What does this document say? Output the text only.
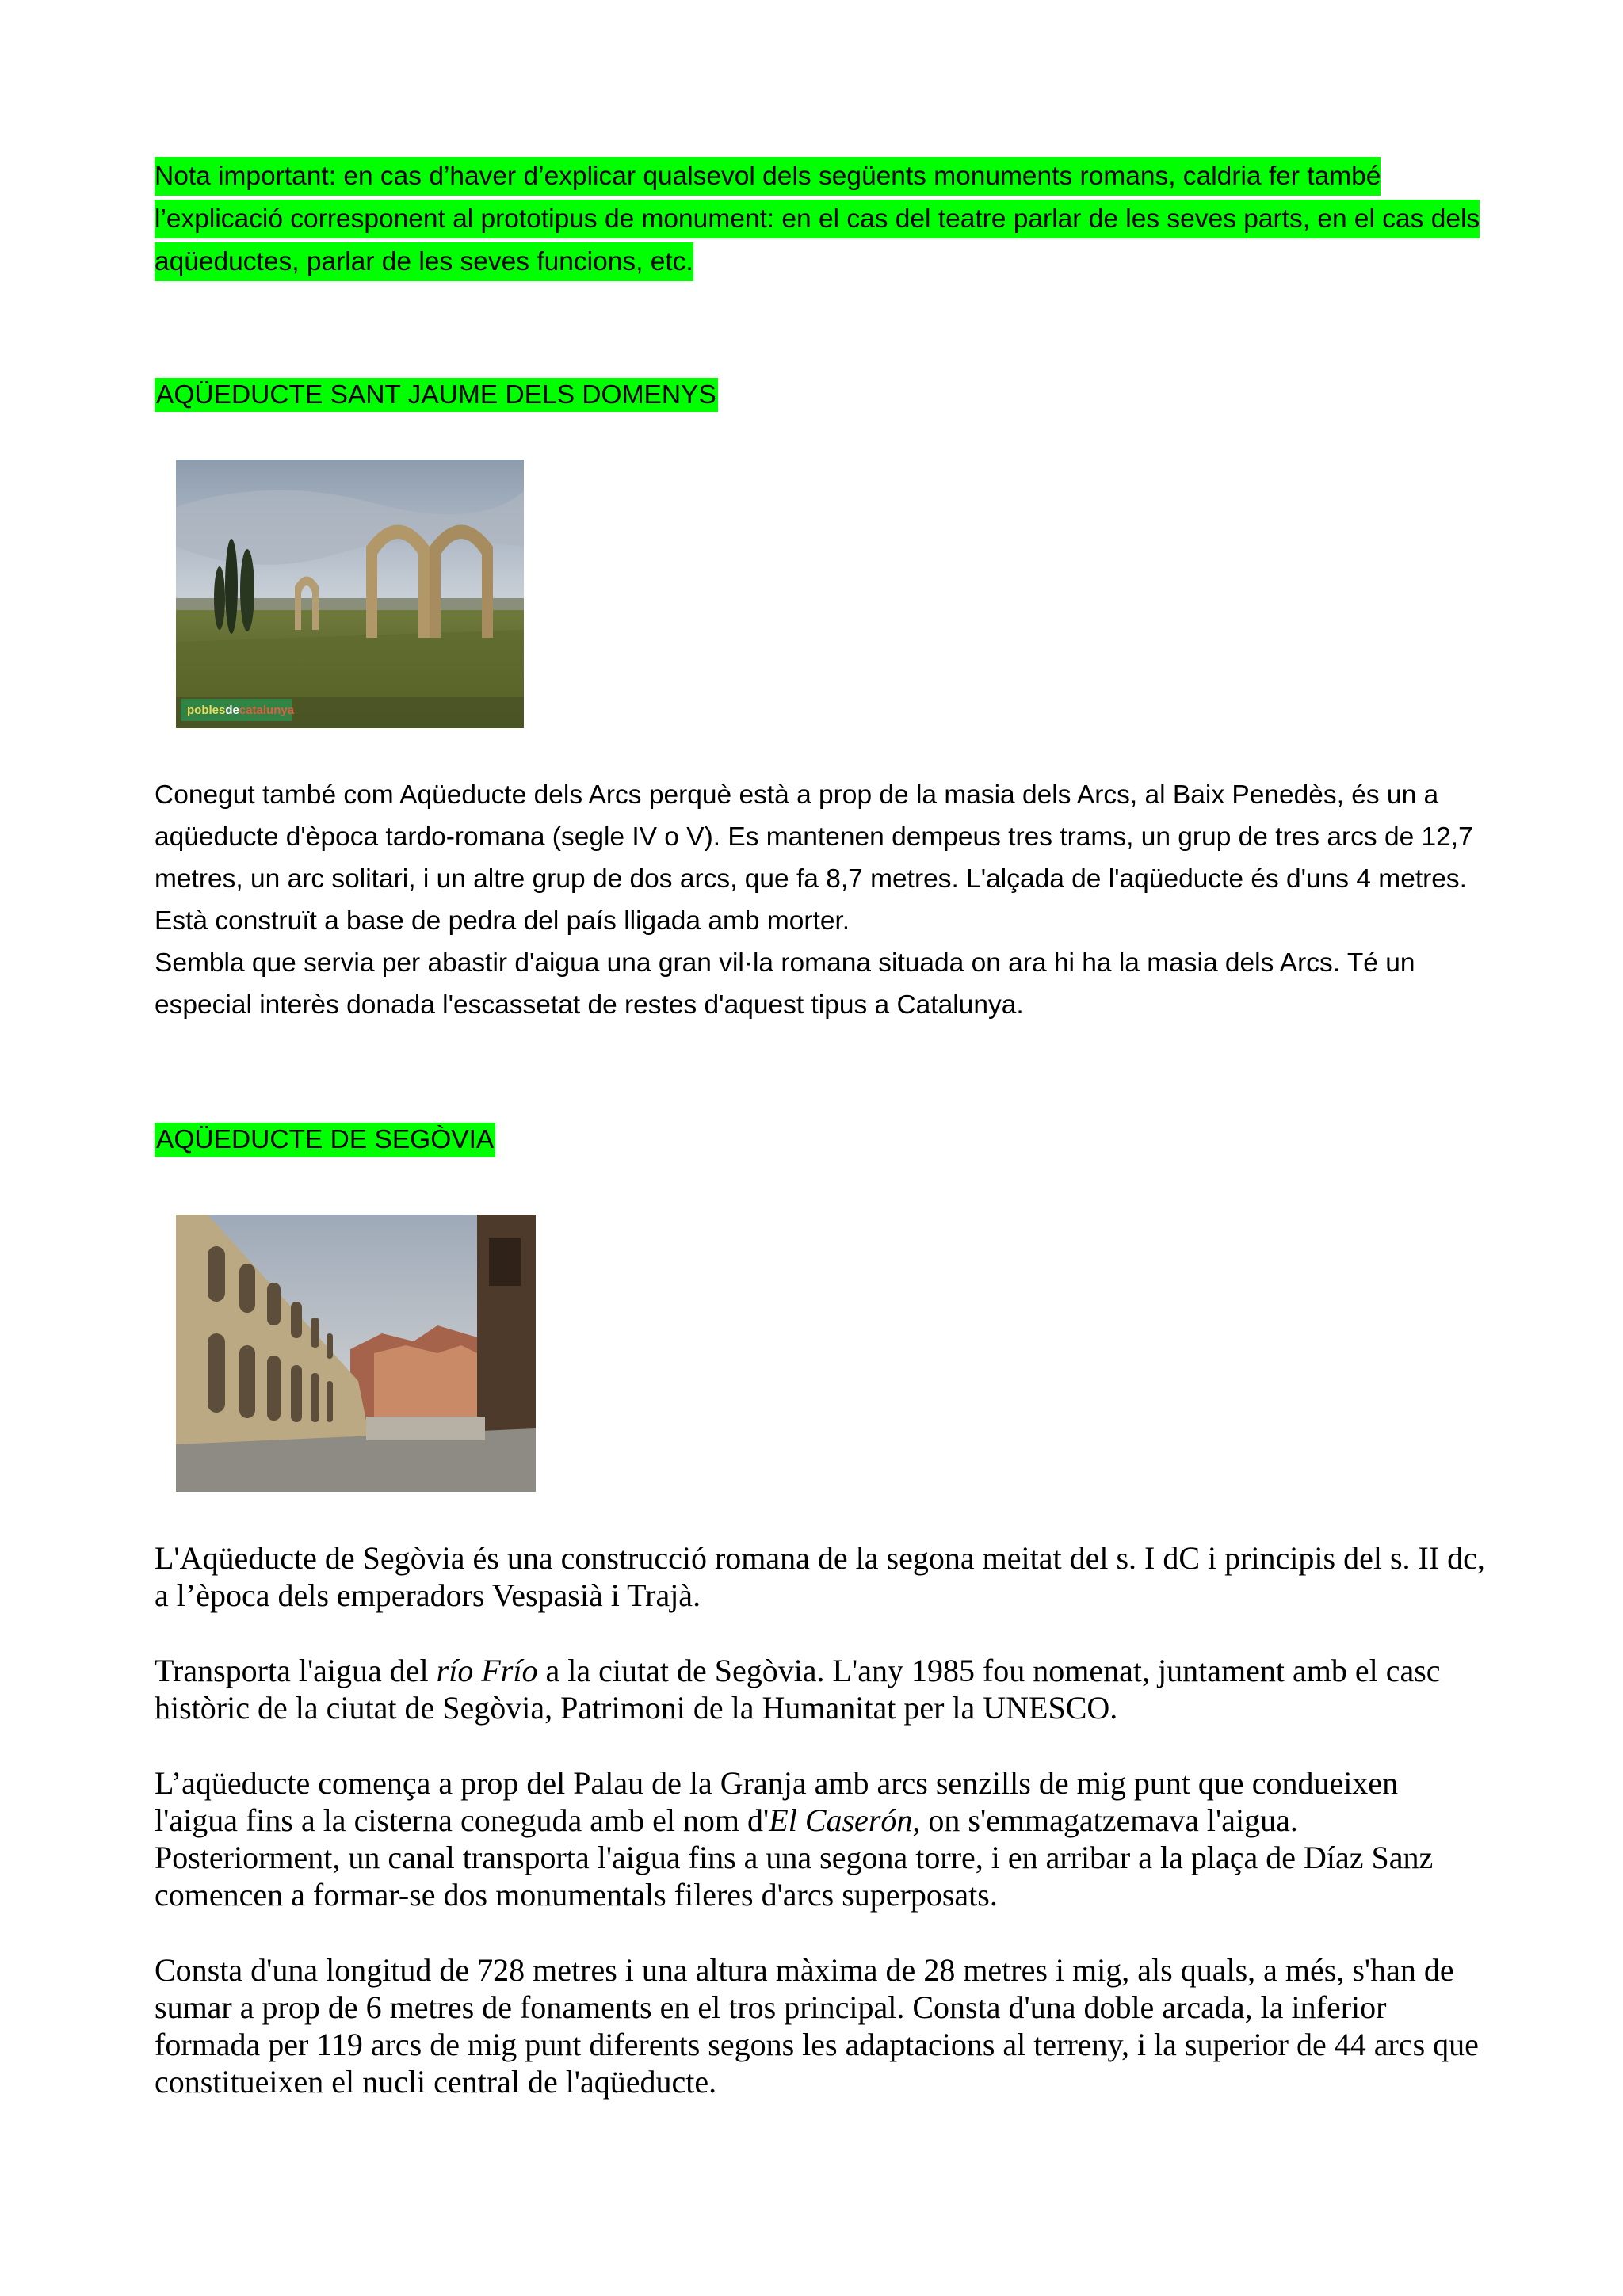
Nota important: en cas d’haver d’explicar qualsevol dels següents monuments romans, caldria fer també l’explicació corresponent al prototipus de monument: en el cas del teatre parlar de les seves parts, en el cas dels aqüeductes, parlar de les seves funcions, etc.
AQÜEDUCTE SANT JAUME DELS DOMENYS
poblesdecatalunya
Conegut també com Aqüeducte dels Arcs perquè està a prop de la masia dels Arcs, al Baix Penedès, és un a aqüeducte d'època tardo-romana (segle IV o V). Es mantenen dempeus tres trams, un grup de tres arcs de 12,7 metres, un arc solitari, i un altre grup de dos arcs, que fa 8,7 metres. L'alçada de l'aqüeducte és d'uns 4 metres. Està construït a base de pedra del país lligada amb morter.
Sembla que servia per abastir d'aigua una gran vil·la romana situada on ara hi ha la masia dels Arcs. Té un especial interès donada l'escassetat de restes d'aquest tipus a Catalunya.
AQÜEDUCTE DE SEGÒVIA

L'Aqüeducte de Segòvia és una construcció romana de la segona meitat del s. I dC i principis del s. II dc, a l’època dels emperadors Vespasià i Trajà.

Transporta l'aigua del río Frío a la ciutat de Segòvia. L'any 1985 fou nomenat, juntament amb el casc històric de la ciutat de Segòvia, Patrimoni de la Humanitat per la UNESCO.

L’aqüeducte comença a prop del Palau de la Granja amb arcs senzills de mig punt que condueixen l'aigua fins a la cisterna coneguda amb el nom d'El Caserón, on s'emmagatzemava l'aigua. Posteriorment, un canal transporta l'aigua fins a una segona torre, i en arribar a la plaça de Díaz Sanz comencen a formar-se dos monumentals fileres d'arcs superposats.

Consta d'una longitud de 728 metres i una altura màxima de 28 metres i mig, als quals, a més, s'han de sumar a prop de 6 metres de fonaments en el tros principal. Consta d'una doble arcada, la inferior formada per 119 arcs de mig punt diferents segons les adaptacions al terreny, i la superior de 44 arcs que constitueixen el nucli central de l'aqüeducte.
